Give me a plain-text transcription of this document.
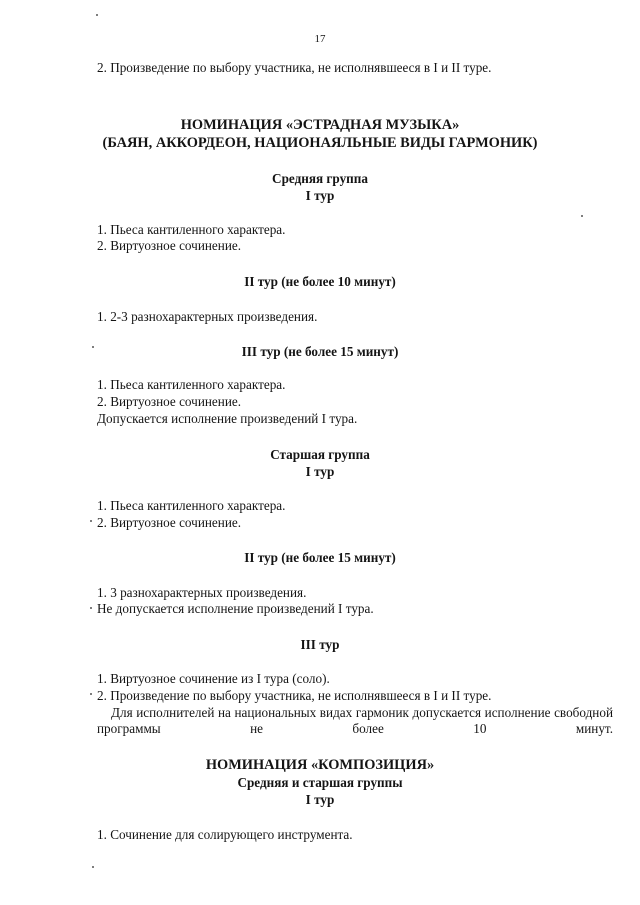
17
2. Произведение по выбору участника, не исполнявшееся в I и II туре.
НОМИНАЦИЯ «ЭСТРАДНАЯ МУЗЫКА»
(БАЯН, АККОРДЕОН, НАЦИОНАЯЛЬНЫЕ ВИДЫ ГАРМОНИК)
Средняя группа
I тур
1. Пьеса кантиленного характера.
2. Виртуозное сочинение.
II тур (не более 10 минут)
1. 2-3 разнохарактерных произведения.
III тур (не более 15 минут)
1. Пьеса кантиленного характера.
2. Виртуозное сочинение.
Допускается исполнение произведений I тура.
Старшая группа
I тур
1. Пьеса кантиленного характера.
2. Виртуозное сочинение.
II тур (не более 15 минут)
1. 3 разнохарактерных произведения.
Не допускается исполнение произведений I тура.
III тур
1. Виртуозное сочинение из I тура (соло).
2. Произведение по выбору участника, не исполнявшееся в I и II туре.
Для исполнителей на национальных видах гармоник допускается исполнение свободной программы не более 10 минут.
НОМИНАЦИЯ «КОМПОЗИЦИЯ»
Средняя и старшая группы
I тур
1. Сочинение для солирующего инструмента.
